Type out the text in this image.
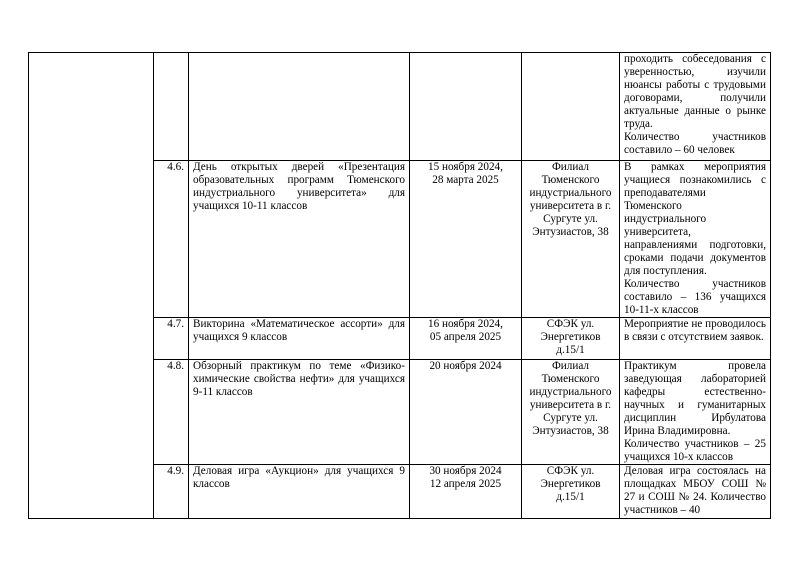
					проходить собеседования с уверенностью, изучили нюансы работы с трудовыми договорами, получили актуальные данные о рынке труда.
Количество участников составило – 60 человек

	4.6.	День открытых дверей «Презентация образовательных программ Тюменского индустриального университета» для учащихся 10-11 классов	15 ноября 2024,
28 марта 2025	Филиал Тюменского индустриального университета в г. Сургуте ул. Энтузиастов, 38	В рамках мероприятия учащиеся познакомились с преподавателями Тюменского индустриального университета, направлениями подготовки, сроками подачи документов для поступления.
Количество участников составило – 136 учащихся 10-11-х классов

	4.7.	Викторина «Математическое ассорти» для учащихся 9 классов	16 ноября 2024,
05 апреля 2025	СФЭК ул. Энергетиков д.15/1	Мероприятие не проводилось в связи с отсутствием заявок.

	4.8.	Обзорный практикум по теме «Физико-химические свойства нефти» для учащихся 9-11 классов	20 ноября 2024	Филиал Тюменского индустриального университета в г. Сургуте ул. Энтузиастов, 38	Практикум провела заведующая лабораторией кафедры естественно-научных и гуманитарных дисциплин Ирбулатова Ирина Владимировна.
Количество участников – 25 учащихся 10-х классов

	4.9.	Деловая игра «Аукцион» для учащихся 9 классов	30 ноября 2024
12 апреля 2025	СФЭК ул. Энергетиков д.15/1	Деловая игра состоялась на площадках МБОУ СОШ № 27 и СОШ № 24. Количество участников – 40
